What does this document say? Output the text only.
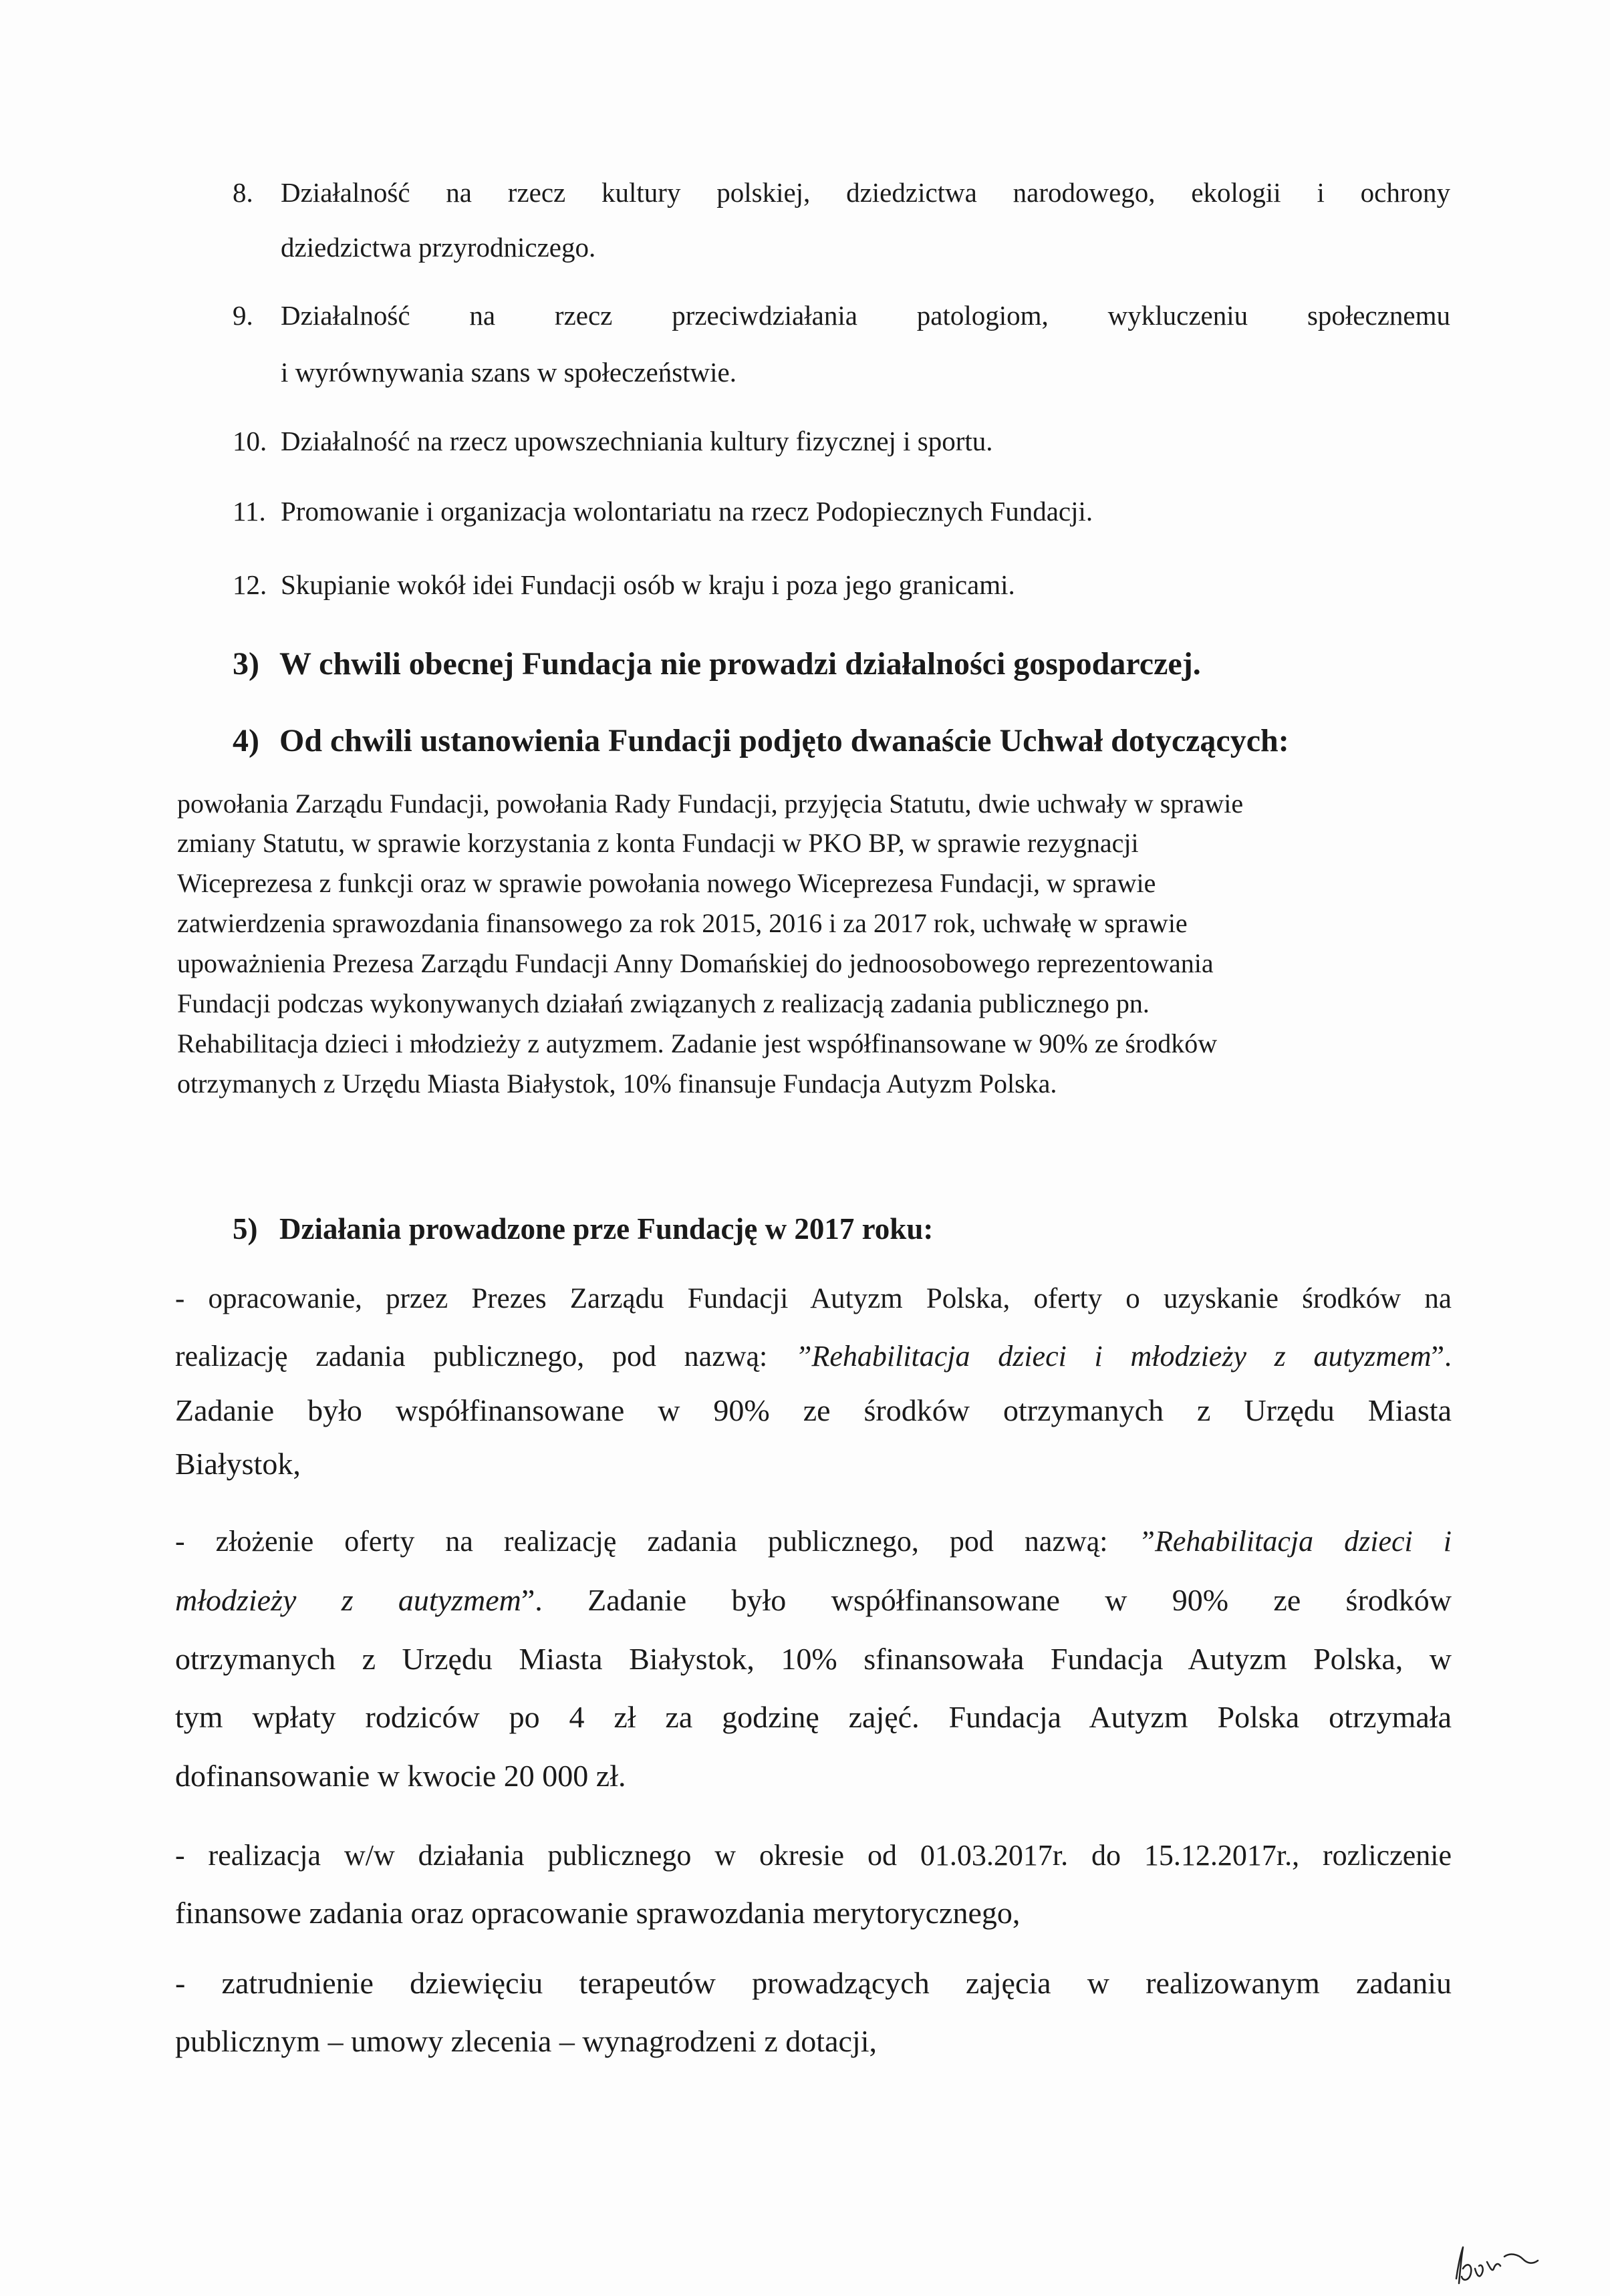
8. Działalność na rzecz kultury polskiej, dziedzictwa narodowego, ekologii i ochrony
dziedzictwa przyrodniczego.
9. Działalność na rzecz przeciwdziałania patologiom, wykluczeniu społecznemu
i wyrównywania szans w społeczeństwie.
10. Działalność na rzecz upowszechniania kultury fizycznej i sportu.
11. Promowanie i organizacja wolontariatu na rzecz Podopiecznych Fundacji.
12. Skupianie wokół idei Fundacji osób w kraju i poza jego granicami.
3) W chwili obecnej Fundacja nie prowadzi działalności gospodarczej.
4) Od chwili ustanowienia Fundacji podjęto dwanaście Uchwał dotyczących:
powołania Zarządu Fundacji, powołania Rady Fundacji, przyjęcia Statutu, dwie uchwały w sprawie
zmiany Statutu, w sprawie korzystania z konta Fundacji w PKO BP, w sprawie rezygnacji
Wiceprezesa z funkcji oraz w sprawie powołania nowego Wiceprezesa Fundacji, w sprawie
zatwierdzenia sprawozdania finansowego za rok 2015, 2016 i za 2017 rok, uchwałę w sprawie
upoważnienia Prezesa Zarządu Fundacji Anny Domańskiej do jednoosobowego reprezentowania
Fundacji podczas wykonywanych działań związanych z realizacją zadania publicznego pn.
Rehabilitacja dzieci i młodzieży z autyzmem. Zadanie jest współfinansowane w 90% ze środków
otrzymanych z Urzędu Miasta Białystok, 10% finansuje Fundacja Autyzm Polska.
5) Działania prowadzone prze Fundację w 2017 roku:
- opracowanie, przez Prezes Zarządu Fundacji Autyzm Polska, oferty o uzyskanie środków na
realizację zadania publicznego, pod nazwą: ”Rehabilitacja dzieci i młodzieży z autyzmem”.
Zadanie było współfinansowane w 90% ze środków otrzymanych z Urzędu Miasta
Białystok,
- złożenie oferty na realizację zadania publicznego, pod nazwą: ”Rehabilitacja dzieci i
młodzieży z autyzmem”. Zadanie było współfinansowane w 90% ze środków
otrzymanych z Urzędu Miasta Białystok, 10% sfinansowała Fundacja Autyzm Polska, w
tym wpłaty rodziców po 4 zł za godzinę zajęć. Fundacja Autyzm Polska otrzymała
dofinansowanie w kwocie 20 000 zł.
- realizacja w/w działania publicznego w okresie od 01.03.2017r. do 15.12.2017r., rozliczenie
finansowe zadania oraz opracowanie sprawozdania merytorycznego,
- zatrudnienie dziewięciu terapeutów prowadzących zajęcia w realizowanym zadaniu
publicznym – umowy zlecenia – wynagrodzeni z dotacji,
